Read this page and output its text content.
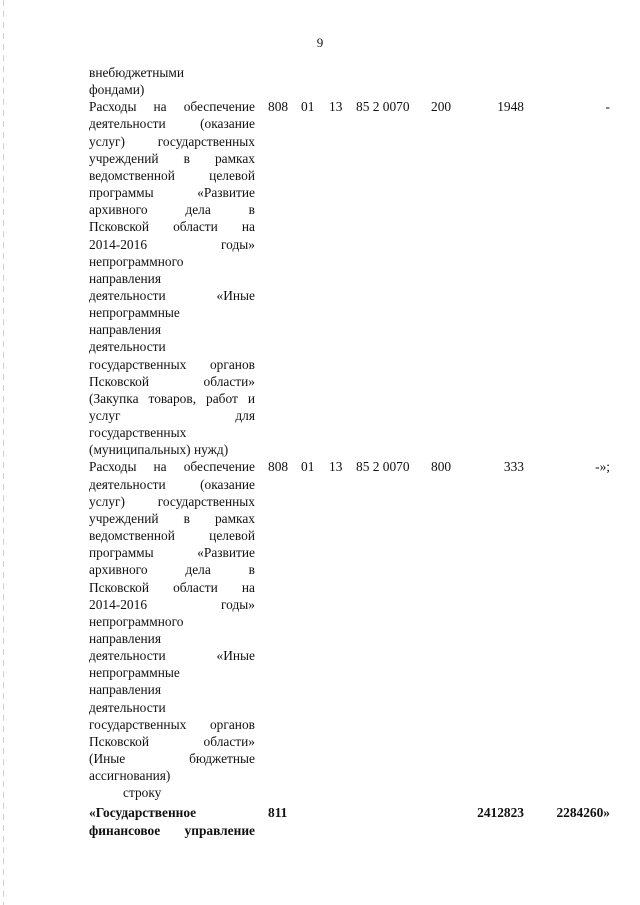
9
внебюджетными
фондами)
Расходы на обеспечение
деятельности	(оказание
услуг) государственных
учреждений в рамках
ведомственной	целевой
программы	«Развитие
архивного	дела	в
Псковской области на
2014-2016	годы»
непрограммного
направления
деятельности	«Иные
непрограммные
направления
деятельности
государственных органов
Псковской	области»
(Закупка товаров, работ и
услуг	для
государственных
(муниципальных) нужд)
808 01 13 85 2 0070 200	1948	-
Расходы на обеспечение
деятельности	(оказание
услуг) государственных
учреждений в рамках
ведомственной	целевой
программы	«Развитие
архивного	дела	в
Псковской области на
2014-2016	годы»
непрограммного
направления
деятельности	«Иные
непрограммные
направления
деятельности
государственных органов
Псковской	области»
(Иные	бюджетные
ассигнования)
808 01 13 85 2 0070 800	333	-»;
строку
«Государственное
финансовое управление
811	2412823	2284260»
